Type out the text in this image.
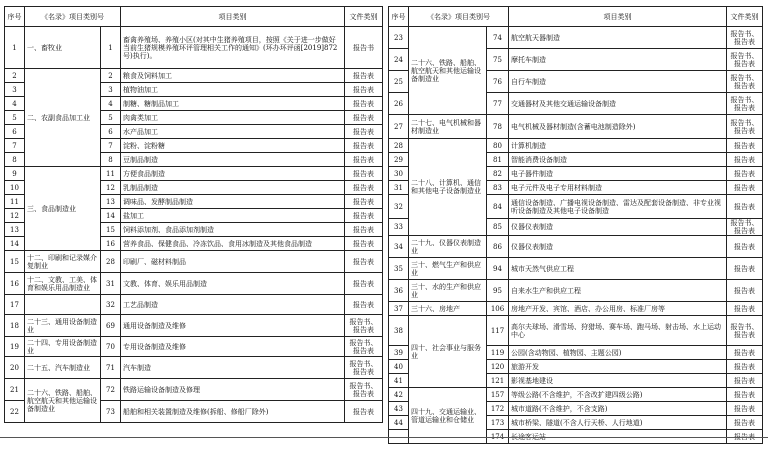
序号	《名录》项目类别号		项目类别	文件类别
1	一、畜牧业	1	畜禽养殖场、养殖小区(对其中生猪养殖项目，按照《关于进一步做好当前生猪规模养殖环评管理相关工作的通知》(环办环评函[2019]872号)执行)。	报告书
2	二、农副食品加工业	2	粮食及饲料加工	报告表
3		3	植物油加工	报告表
4		4	制糖、糖制品加工	报告表
5		5	肉禽类加工	报告表
6		6	水产品加工	报告表
7		7	淀粉、淀粉糖	报告表
8		8	豆制品制造	报告表
9	三、食品制造业	11	方便食品制造	报告表
10		12	乳制品制造	报告表
11		13	调味品、发酵制品制造	报告表
12		14	盐加工	报告表
13		15	饲料添加剂、食品添加剂制造	报告表
14		16	营养食品、保健食品、冷冻饮品、食用冰制造及其他食品制造	报告表
15	十二、印刷和记录媒介复制业	28	印刷厂、磁材料制品	报告表
16	十二、文教、工美、体育和娱乐用品制造业	31	文教、体育、娱乐用品制造	报告表
17		32	工艺品制造	报告表
18	二十三、通用设备制造业	69	通用设备制造及维修	报告书、报告表
19	二十四、专用设备制造业	70	专用设备制造及维修	报告书、报告表
20	二十五、汽车制造业	71	汽车制造	报告书、报告表
21	二十六、铁路、船舶、航空航天和其他运输设备制造业	72	铁路运输设备制造及修理	报告书、报告表
22		73	船舶和相关装置制造及维修(拆船、修船厂除外)	报告表
序号	《名录》项目类别号		项目类别	文件类别
23	二十六、铁路、船舶、航空航天和其他运输设备制造业	74	航空航天器制造	报告书、报告表
24		75	摩托车制造	报告书、报告表
25		76	自行车制造	报告书、报告表
26		77	交通器材及其他交通运输设备制造	报告书、报告表
27	二十七、电气机械和器材制造业	78	电气机械及器材制造(含蓄电池制造除外)	报告书、报告表
28	二十八、计算机、通信和其他电子设备制造业	80	计算机制造	报告表
29		81	智能消费设备制造	报告表
30		82	电子器件制造	报告表
31		83	电子元件及电子专用材料制造	报告表
32		84	通信设备制造、广播电视设备制造、雷达及配套设备制造、非专业视听设备制造及其他电子设备制造	报告表
33		85	仪器仪表制造	报告书、报告表
34	二十九、仪器仪表制造业	86	仪器仪表制造	报告表
35	三十、燃气生产和供应业	94	城市天然气供应工程	报告表
36	三十、水的生产和供应业	95	自来水生产和供应工程	报告表
37	三十六、房地产	106	房地产开发、宾馆、酒店、办公用房、标准厂房等	报告表
38	四十、社会事业与服务业	117	高尔夫球场、滑雪场、狩猎场、赛车场、跑马场、射击场、水上运动中心	报告书、报告表
39		119	公园(含动物园、植物园、主题公园)	报告表
40		120	旅游开发	报告表
41		121	影视基地建设	报告表
42	四十九、交通运输业、管道运输业和仓储业	157	等级公路(不含维护，不含改扩建四级公路)	报告表
43		172	城市道路(不含维护，不含支路)	报告表
44		173	城市桥梁、隧道(不含人行天桥、人行地道)	报告表
